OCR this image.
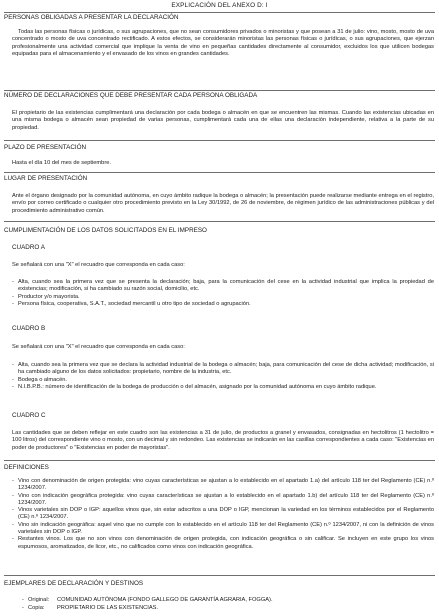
EXPLICACIÓN DEL ANEXO D: I
PERSONAS OBLIGADAS A PRESENTAR LA DECLARACIÓN

Todas las personas físicas o jurídicas, o sus agrupaciones, que no sean consumidores privados o minoristas y que posean a 31 de julio: vino, mosto, mosto de uva concentrado o mosto de uva concentrado rectificado. A estos efectos, se considerarán minoristas las personas físicas o jurídicas, o sus agrupaciones, que ejerzan profesionalmente una actividad comercial que implique la venta de vino en pequeñas cantidades directamente al consumidor, excluidos los que utilicen bodegas equipadas para el almacenamiento y el envasado de los vinos en grandes cantidades.

NÚMERO DE DECLARACIONES QUE DEBE PRESENTAR CADA PERSONA OBLIGADA

El propietario de las existencias cumplimentará una declaración por cada bodega o almacén en que se encuentren las mismas. Cuando las existencias ubicadas en una misma bodega o almacén sean propiedad de varias personas, cumplimentará cada una de ellas una declaración independiente, relativa a la parte de su propiedad.

PLAZO DE PRESENTACIÓN

Hasta el día 10 del mes de septiembre.

LUGAR DE PRESENTACIÓN

Ante el órgano designado por la comunidad autónoma, en cuyo ámbito radique la bodega o almacén; la presentación puede realizarse mediante entrega en el registro, envío por correo certificado o cualquier otro procedimiento previsto en la Ley 30/1992, de 26 de noviembre, de régimen jurídico de las administraciones públicas y del procedimiento administrativo común.

CUMPLIMENTACIÓN DE LOS DATOS SOLICITADOS EN EL IMPRESO
CUADRO A

Se señalará con una "X" el recuadro que corresponda en cada caso:

- Alta, cuando sea la primera vez que se presenta la declaración; baja, para la comunicación del cese en la actividad industrial que implica la propiedad de existencias; modificación, si ha cambiado su razón social, domicilio, etc.
- Productor y/o mayorista.
- Persona física, cooperativa, S.A.T., sociedad mercantil u otro tipo de sociedad o agrupación.
CUADRO B

Se señalará con una "X" el recuadro que corresponda en cada caso:

- Alta, cuando sea la primera vez que se declara la actividad industrial de la bodega o almacén; baja, para comunicación del cese de dicha actividad; modificación, si ha cambiado alguno de los datos solicitados: propietario, nombre de la industria, etc.
- Bodega o almacén.
- N.I.B.P.B.: número de identificación de la bodega de producción o del almacén, asignado por la comunidad autónoma en cuyo ámbito radique.
CUADRO C

Las cantidades que se deben reflejar en este cuadro son las existencias a 31 de julio, de productos a granel y envasados, consignadas en hectolitros (1 hectolitro = 100 litros) del correspondiente vino o mosto, con un decimal y sin redondeo. Las existencias se indicarán en las casillas correspondientes a cada caso: "Existencias en poder de productores" o "Existencias en poder de mayoristas".

DEFINICIONES
- Vino con denominación de origen protegida: vino cuyas características se ajustan a lo establecido en el apartado 1.a) del artículo 118 ter del Reglamento (CE) n.º 1234/2007.
- Vino con indicación geográfica protegida: vino cuyas características se ajustan a lo establecido en el apartado 1.b) del artículo 118 ter del Reglamento (CE) n.º 1234/2007.
- Vinos varietales sin DOP o IGP: aquellos vinos que, sin estar adscritos a una DOP o IGP, mencionan la variedad en los términos establecidos por el Reglamento (CE) n.º 1234/2007.
- Vino sin indicación geográfica: aquel vino que no cumple con lo establecido en el artículo 118 ter del Reglamento (CE) n.º 1234/2007, ni con la definición de vinos varietales sin DOP o IGP.
- Restantes vinos. Los que no son vinos con denominación de origen protegida, con indicación geográfica o sin calificar. Se incluyen en este grupo los vinos espumosos, aromatizados, de licor, etc., no calificados como vinos con indicación geográfica.
EJEMPLARES DE DECLARACIÓN Y DESTINOS
- Original: COMUNIDAD AUTÓNOMA (FONDO GALLEGO DE GARANTÍA AGRARIA, FOGGA).
- Copia: PROPIETARIO DE LAS EXISTENCIAS.
